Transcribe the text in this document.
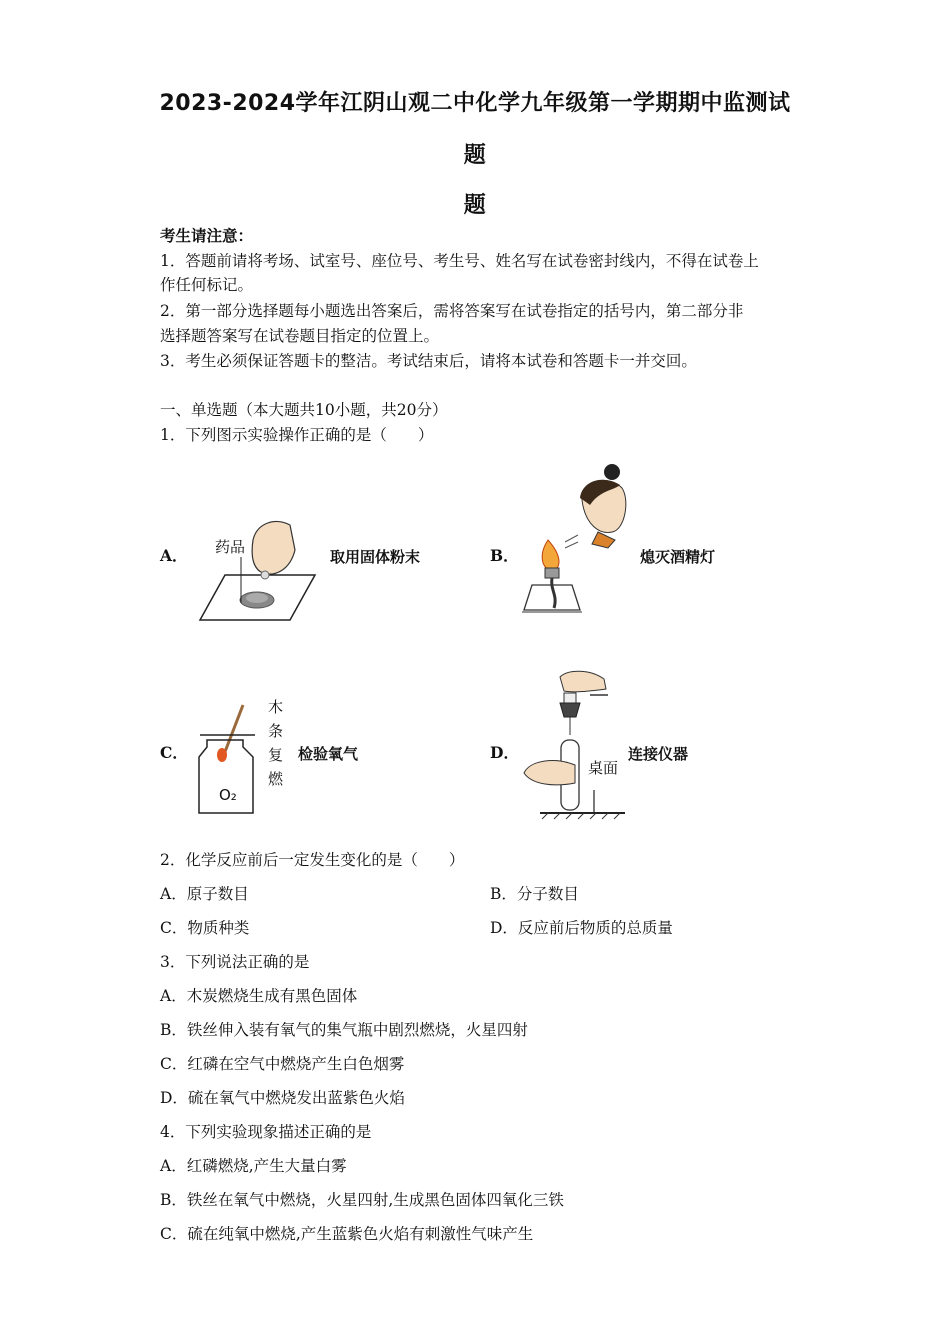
2023-2024学年江阴山观二中化学九年级第一学期期中监测试
题
题
考生请注意：
1．答题前请将考场、试室号、座位号、考生号、姓名写在试卷密封线内，不得在试卷上
作任何标记。
2．第一部分选择题每小题选出答案后，需将答案写在试卷指定的括号内，第二部分非
选择题答案写在试卷题目指定的位置上。
3．考生必须保证答题卡的整洁。考试结束后，请将本试卷和答题卡一并交回。
一、单选题（本大题共10小题，共20分）
1．下列图示实验操作正确的是（　　）
A． 药品
取用固体粉末	B．	熄灭酒精灯
C．
O₂
木
条
复
燃
检验氧气	D．
桌面
连接仪器
2．化学反应前后一定发生变化的是（　　）
A．原子数目	B．分子数目
C．物质种类	D．反应前后物质的总质量
3．下列说法正确的是
A．木炭燃烧生成有黑色固体
B．铁丝伸入装有氧气的集气瓶中剧烈燃烧，火星四射
C．红磷在空气中燃烧产生白色烟雾
D．硫在氧气中燃烧发出蓝紫色火焰
4．下列实验现象描述正确的是
A．红磷燃烧,产生大量白雾
B．铁丝在氧气中燃烧，火星四射,生成黑色固体四氧化三铁
C．硫在纯氧中燃烧,产生蓝紫色火焰有刺激性气味产生
